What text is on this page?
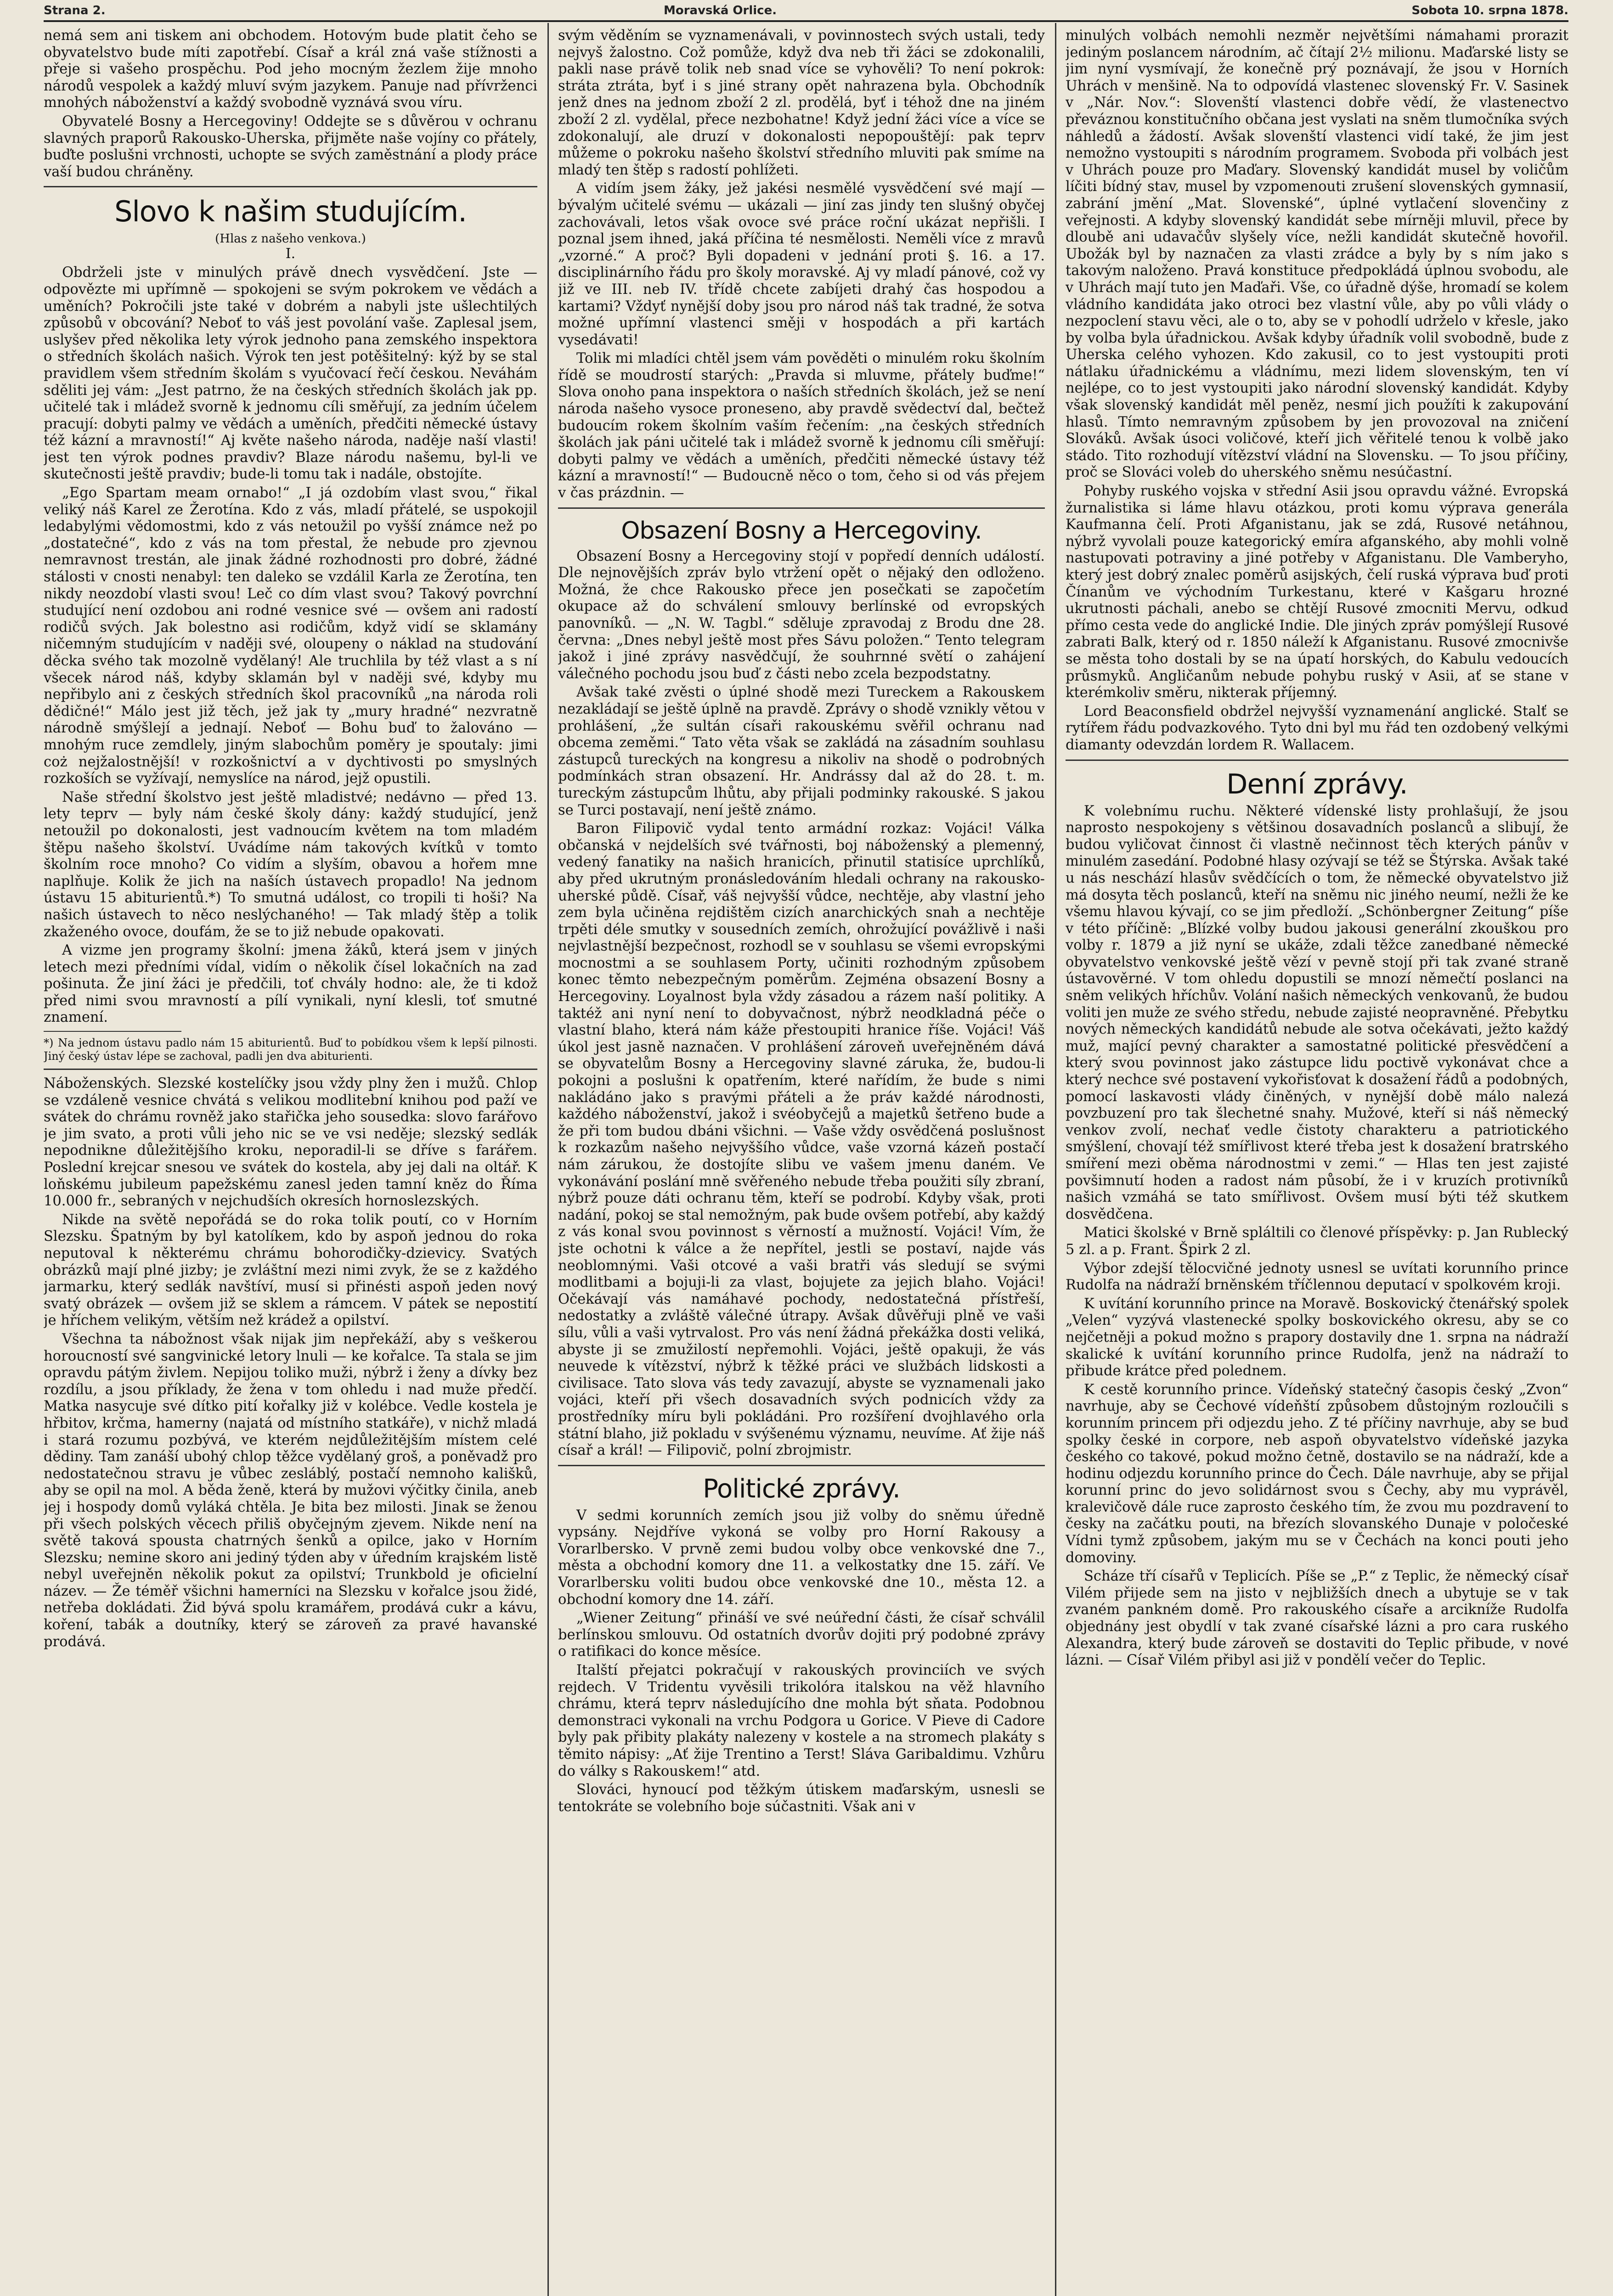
Strana 2.	Moravská Orlice.	Sobota 10. srpna 1878.

nemá sem ani tiskem ani obchodem. Hotovým bude platit čeho se obyvatelstvo bude míti zapotřebí. Císař a král zná vaše stížnosti a přeje si vašeho prospěchu. Pod jeho mocným žezlem žije mnoho národů vespolek a každý mluví svým jazykem. Panuje nad přívrženci mnohých náboženství a každý svobodně vyznává svou víru.

Obyvatelé Bosny a Hercegoviny! Oddejte se s důvěrou v ochranu slavných praporů Rakousko-Uherska, přijměte naše vojíny co přátely, buďte poslušni vrchnosti, uchopte se svých zaměstnání a plody práce vaší budou chráněny.

Slovo k našim studujícím.

(Hlas z našeho venkova.)

I.

Obdrželi jste v minulých právě dnech vysvědčení. Jste — odpovězte mi upřímně — spokojeni se svým pokrokem ve vědách a uměních? Pokročili jste také v dobrém a nabyli jste ušlechtilých způsobů v obcování? Neboť to váš jest povolání vaše. Zaplesal jsem, uslyšev před několika lety výrok jednoho pana zemského inspektora o středních školách našich. Výrok ten jest potěšitelný: kýž by se stal pravidlem všem středním školám s vyučovací řečí českou. Neváhám sděliti jej vám: „Jest patrno, že na českých středních školách jak pp. učitelé tak i mládež svorně k jednomu cíli směřují, za jedním účelem pracují: dobyti palmy ve vědách a uměních, předčiti německé ústavy též kázní a mravností!“ Aj květe našeho národa, naděje naší vlasti! jest ten výrok podnes pravdiv? Blaze národu našemu, byl-li ve skutečnosti ještě pravdiv; bude-li tomu tak i nadále, obstojíte.

„Ego Spartam meam ornabo!“ „I já ozdobím vlast svou,“ řikal veliký náš Karel ze Žerotína. Kdo z vás, mladí přátelé, se uspokojil ledabylými vědomostmi, kdo z vás netoužil po vyšší známce než po „dostatečné“, kdo z vás na tom přestal, že nebude pro zjevnou nemravnost trestán, ale jinak žádné rozhodnosti pro dobré, žádné stálosti v cnosti nenabyl: ten daleko se vzdálil Karla ze Žerotína, ten nikdy neozdobí vlasti svou! Leč co dím vlast svou? Takový povrchní studující není ozdobou ani rodné vesnice své — ovšem ani radostí rodičů svých. Jak bolestno asi rodičům, když vidí se sklamány ničemným studujícím v naději své, oloupeny o náklad na studování děcka svého tak mozolně vydělaný! Ale truchlila by též vlast a s ní všecek národ náš, kdyby sklamán byl v naději své, kdyby mu nepřibylo ani z českých středních škol pracovníků „na národa roli dědičné!“ Málo jest již těch, jež jak ty „mury hradné“ nezvratně národně smýšlejí a jednají. Neboť — Bohu buď to žalováno — mnohým ruce zemdlely, jiným slabochům poměry je spoutaly: jimi coż nejžalostnější! v rozkošnictví a v dychtivosti po smyslných rozkoších se vyžívají, nemyslíce na národ, jejž opustili.

Naše střední školstvo jest ještě mladistvé; nedávno — před 13. lety teprv — byly nám české školy dány: každý studující, jenž netoužil po dokonalosti, jest vadnoucím květem na tom mladém štěpu našeho školství. Uvádíme nám takových kvítků v tomto školním roce mnoho? Co vidím a slyším, obavou a hořem mne naplňuje. Kolik že jich na naších ústavech propadlo! Na jednom ústavu 15 abiturientů.*) To smutná událost, co tropili ti hoši? Na našich ústavech to něco neslýchaného! — Tak mladý štěp a tolik zkaženého ovoce, doufám, že se to již nebude opakovati.

A vizme jen programy školní: jmena žáků, která jsem v jiných letech mezi předními vídal, vidím o několik čísel lokačních na zad pošinuta. Že jiní žáci je předčili, toť chvály hodno: ale, že ti kdož před nimi svou mravností a pílí vynikali, nyní klesli, toť smutné znamení.

*) Na jednom ústavu padlo nám 15 abiturientů. Buď to pobídkou všem k lepší pilnosti. Jiný český ústav lépe se zachoval, padli jen dva abiturienti.

Náboženských. Slezské kostelíčky jsou vždy plny žen i mužů. Chlop se vzdáleně vesnice chvátá s velikou modlitební knihou pod paží ve svátek do chrámu rovněž jako stařička jeho sousedka: slovo farářovo je jim svato, a proti vůli jeho nic se ve vsi neděje; slezský sedlák nepodnikne důležitějšího kroku, neporadil-li se dříve s farářem. Poslední krejcar snesou ve svátek do kostela, aby jej dali na oltář. K loňskému jubileum papežskému zanesl jeden tamní kněz do Říma 10.000 fr., sebraných v nejchudších okresích hornoslezských.

Nikde na světě nepořádá se do roka tolik poutí, co v Horním Slezsku. Špatným by byl katolíkem, kdo by aspoň jednou do roka neputoval k některému chrámu bohorodičky-dzievicy. Svatých obrázků mají plné jizby; je zvláštní mezi nimi zvyk, že se z každého jarmarku, který sedlák navštíví, musí si přinésti aspoň jeden nový svatý obrázek — ovšem již se sklem a rámcem. V pátek se nepostití je hříchem velikým, větším než krádež a opilství.

Všechna ta nábožnost však nijak jim nepřekáží, aby s veškerou horoucností své sangvinické letory lnuli — ke kořalce. Ta stala se jim opravdu pátým živlem. Nepijou toliko muži, nýbrž i ženy a dívky bez rozdílu, a jsou příklady, že žena v tom ohledu i nad muže předčí. Matka nasycuje své dítko pití kořalky již v kolébce. Vedle kostela je hřbitov, krčma, hamerny (najatá od místního statkáře), v nichž mladá i stará rozumu pozbývá, ve kterém nejdůležitějším místem celé dědiny. Tam zanáší ubohý chlop těžce vydělaný groš, a poněvadž pro nedostatečnou stravu je vůbec zesláblý, postačí nemnoho kališků, aby se opil na mol. A běda ženě, která by mužovi výčitky činila, aneb jej i hospody domů vyláká chtěla. Je bita bez milosti. Jinak se ženou při všech polských věcech přiliš obyčejným zjevem. Nikde není na světě taková spousta chatrných šenků a opilce, jako v Horním Slezsku; nemine skoro ani jediný týden aby v úředním krajském listě nebyl uveřejněn několik pokut za opilství; Trunkbold je oficielní název. — Že téměř všichni hamerníci na Slezsku v kořalce jsou židé, netřeba dokládati. Žid bývá spolu kramářem, prodává cukr a kávu, koření, tabák a doutníky, který se zároveň za pravé havanské prodává.

svým věděním se vyznamenávali, v povinnostech svých ustali, tedy nejvyš žalostno. Což pomůže, když dva neb tři žáci se zdokonalili, pakli nase právě tolik neb snad více se vyhověli? To není pokrok: stráta ztráta, byť i s jiné strany opět nahrazena byla. Obchodník jenž dnes na jednom zboží 2 zl. prodělá, byť i téhož dne na jiném zboží 2 zl. vydělal, přece nezbohatne! Když jední žáci více a více se zdokonalují, ale druzí v dokonalosti nepopouštějí: pak teprv můžeme o pokroku našeho školství středního mluviti pak smíme na mladý ten štěp s radostí pohlížeti.

A vidím jsem žáky, jež jakési nesmělé vysvědčení své mají — bývalým učitelé svému — ukázali — jiní zas jindy ten slušný obyčej zachovávali, letos však ovoce své práce roční ukázat nepřišli. I poznal jsem ihned, jaká příčina té nesmělosti. Neměli více z mravů „vzorné.“ A proč? Byli dopadeni v jednání proti §. 16. a 17. disciplinárního řádu pro školy moravské. Aj vy mladí pánové, což vy již ve III. neb IV. třídě chcete zabíjeti drahý čas hospodou a kartami? Vždyť nynější doby jsou pro národ náš tak tradné, že sotva možné upřímní vlastenci směji v hospodách a při kartách vysedávati!

Tolik mi mladíci chtěl jsem vám pověděti o minulém roku školním řídě se moudrostí starých: „Pravda si mluvme, přátely buďme!“ Slova onoho pana inspektora o naších středních školách, jež se není národa našeho vysoce proneseno, aby pravdě svědectví dal, bečtež budoucím rokem školním vaším řečením: „na českých středních školách jak páni učitelé tak i mládež svorně k jednomu cíli směřují: dobyti palmy ve vědách a uměních, předčiti německé ústavy též kázní a mravností!“ — Budoucně něco o tom, čeho si od vás přejem v čas prázdnin. —

Obsazení Bosny a Hercegoviny.

Obsazení Bosny a Hercegoviny stojí v popředí denních událostí. Dle nejnovějších zpráv bylo vtržení opět o nějaký den odloženo. Možná, že chce Rakousko přece jen posečkati se započetím okupace až do schválení smlouvy berlínské od evropských panovníků. — „N. W. Tagbl.“ sděluje zpravodaj z Brodu dne 28. června: „Dnes nebyl ještě most přes Sávu položen.“ Tento telegram jakož i jiné zprávy nasvědčují, že souhrnné světí o zahájení válečného pochodu jsou buď z části nebo zcela bezpodstatny.

Avšak také zvěsti o úplné shodě mezi Tureckem a Rakouskem nezakládají se ještě úplně na pravdě. Zprávy o shodě vznikly větou v prohlášení, „že sultán císaři rakouskému svěřil ochranu nad obcema zeměmi.“ Tato věta však se zakládá na zásadním souhlasu zástupců tureckých na kongresu a nikoliv na shodě o podrobných podmínkách stran obsazení. Hr. Andrássy dal až do 28. t. m. tureckým zástupcům lhůtu, aby přijali podminky rakouské. S jakou se Turci postavají, není ještě známo.

Baron Filipovič vydal tento armádní rozkaz: Vojáci! Válka občanská v nejdelších své tvářnosti, boj náboženský a plemenný, vedený fanatiky na našich hranicích, přinutil statisíce uprchlíků, aby před ukrutným pronásledováním hledali ochrany na rakousko-uherské půdě. Císař, váš nejvyšší vůdce, nechtěje, aby vlastní jeho zem byla učiněna rejdištěm cizích anarchických snah a nechtěje trpěti déle smutky v sousedních zemích, ohrožující povážlivě i naši nejvlastnější bezpečnost, rozhodl se v souhlasu se všemi evropskými mocnostmi a se souhlasem Porty, učiniti rozhodným způsobem konec těmto nebezpečným poměrům. Zejména obsazení Bosny a Hercegoviny. Loyalnost byla vždy zásadou a rázem naší politiky. A taktéž ani nyní není to dobyvačnost, nýbrž neodkladná péče o vlastní blaho, která nám káže přestoupiti hranice říše. Vojáci! Váš úkol jest jasně naznačen. V prohlášení zároveň uveřejněném dává se obyvatelům Bosny a Hercegoviny slavné záruka, že, budou-li pokojni a poslušni k opatřením, které nařídím, že bude s nimi nakládáno jako s pravými přáteli a že práv každé národnosti, každého náboženství, jakož i svéobyčejů a majetků šetřeno bude a že při tom budou dbáni všichni. — Vaše vždy osvědčená poslušnost k rozkazům našeho nejvyššího vůdce, vaše vzorná kázeň postačí nám zárukou, že dostojíte slibu ve vašem jmenu daném. Ve vykonávání poslání mně svěřeného nebude třeba použiti síly zbraní, nýbrž pouze dáti ochranu těm, kteří se podrobí. Kdyby však, proti nadání, pokoj se stal nemožným, pak bude ovšem potřebí, aby každý z vás konal svou povinnost s věrností a mužností. Vojáci! Vím, že jste ochotni k válce a že nepřítel, jestli se postaví, najde vás neoblomnými. Vaši otcové a vaši bratři vás sledují se svými modlitbami a bojuji-li za vlast, bojujete za jejich blaho. Vojáci! Očekávají vás namáhavé pochody, nedostatečná přístřeší, nedostatky a zvláště válečné útrapy. Avšak důvěřuji plně ve vaši sílu, vůli a vaši vytrvalost. Pro vás není žádná překážka dosti veliká, abyste ji se zmužilostí nepřemohli. Vojáci, ještě opakuji, že vás neuvede k vítězství, nýbrž k těžké práci ve službách lidskosti a civilisace. Tato slova vás tedy zavazují, abyste se vyznamenali jako vojáci, kteří při všech dosavadních svých podnicích vždy za prostředníky míru byli pokládáni. Pro rozšíření dvojhlavého orla státní blaho, již pokladu v svýšenému významu, neuvíme. Ať žije náš císař a král! — Filipovič, polní zbrojmistr.

Politické zprávy.

V sedmi korunních zemích jsou již volby do sněmu úředně vypsány. Nejdříve vykoná se volby pro Horní Rakousy a Vorarlbersko. V prvně zemi budou volby obce venkovské dne 7., města a obchodní komory dne 11. a velkostatky dne 15. září. Ve Vorarlbersku voliti budou obce venkovské dne 10., města 12. a obchodní komory dne 14. září.

„Wiener Zeitung“ přináší ve své neúřední části, že císař schválil berlínskou smlouvu. Od ostatních dvorův dojiti prý podobné zprávy o ratifikaci do konce měsíce.

Italští přejatci pokračují v rakouských provinciích ve svých rejdech. V Tridentu vyvěsili trikolóra italskou na věž hlavního chrámu, která teprv následujícího dne mohla být sňata. Podobnou demonstraci vykonali na vrchu Podgora u Gorice. V Pieve di Cadore byly pak přibity plakáty nalezeny v kostele a na stromech plakáty s těmito nápisy: „Ať žije Trentino a Terst! Sláva Garibaldimu. Vzhůru do války s Rakouskem!“ atd.

Slováci, hynoucí pod těžkým útiskem maďarským, usnesli se tentokráte se volebního boje súčastniti. Však ani v

minulých volbách nemohli nezměr největšími námahami prorazit jediným poslancem národním, ač čítají 2½ milionu. Maďarské listy se jim nyní vysmívají, že konečně prý poznávají, že jsou v Horních Uhrách v menšině. Na to odpovídá vlastenec slovenský Fr. V. Sasinek v „Nár. Nov.“: Slovenští vlastenci dobře vědí, že vlastenectvo převáznou konstitučního občana jest vyslati na sněm tlumočníka svých náhledů a žádostí. Avšak slovenští vlastenci vidí také, že jim jest nemožno vystoupiti s národním programem. Svoboda při volbách jest v Uhrách pouze pro Maďary. Slovenský kandidát musel by voličům líčiti bídný stav, musel by vzpomenouti zrušení slovenských gymnasií, zabrání jmění „Mat. Slovenské“, úplné vytlačení slovenčiny z veřejnosti. A kdyby slovenský kandidát sebe mírněji mluvil, přece by dloubě ani udavačův slyšely více, nežli kandidát skutečně hovořil. Ubožák byl by naznačen za vlasti zrádce a byly by s ním jako s takovým naloženo. Pravá konstituce předpokládá úplnou svobodu, ale v Uhrách mají tuto jen Maďaři. Vše, co úřadně dýše, hromadí se kolem vládního kandidáta jako otroci bez vlastní vůle, aby po vůli vlády o nezpoclení stavu věci, ale o to, aby se v pohodlí udrželo v křesle, jako by volba byla úřadnickou. Avšak kdyby úřadník volil svobodně, bude z Uherska celého vyhozen. Kdo zakusil, co to jest vystoupiti proti nátlaku úřadnickému a vládnímu, mezi lidem slovenským, ten ví nejlépe, co to jest vystoupiti jako národní slovenský kandidát. Kdyby však slovenský kandidát měl peněz, nesmí jich použíti k zakupování hlasů. Tímto nemravným způsobem by jen provozoval na zničení Slováků. Avšak úsoci voličové, kteří jich věřitelé tenou k volbě jako stádo. Tito rozhodují vítězství vládní na Slovensku. — To jsou příčiny, proč se Slováci voleb do uherského sněmu nesúčastní.

Pohyby ruského vojska v střední Asii jsou opravdu vážné. Evropská žurnalistika si láme hlavu otázkou, proti komu výprava generála Kaufmanna čelí. Proti Afganistanu, jak se zdá, Rusové netáhnou, nýbrž vyvolali pouze kategorický emíra afganského, aby mohli volně nastupovati potraviny a jiné potřeby v Afganistanu. Dle Vamberyho, který jest dobrý znalec poměrů asijských, čelí ruská výprava buď proti Čínanům ve východním Turkestanu, které v Kašgaru hrozné ukrutnosti páchali, anebo se chtějí Rusové zmocniti Mervu, odkud přímo cesta vede do anglické Indie. Dle jiných zpráv pomýšlejí Rusové zabrati Balk, který od r. 1850 náleží k Afganistanu. Rusové zmocnivše se města toho dostali by se na úpatí horských, do Kabulu vedoucích průsmyků. Angličanům nebude pohybu ruský v Asii, ať se stane v kterémkoliv směru, nikterak příjemný.

Lord Beaconsfield obdržel nejvyšší vyznamenání anglické. Stalť se rytířem řádu podvazkového. Tyto dni byl mu řád ten ozdobený velkými diamanty odevzdán lordem R. Wallacem.

Denní zprávy.

K volebnímu ruchu. Některé vídenské listy prohlašují, že jsou naprosto nespokojeny s většinou dosavadních poslanců a slibují, že budou vyličovat činnost či vlastně nečinnost těch kterých pánův v minulém zasedání. Podobné hlasy ozývají se též se Štýrska. Avšak také u nás neschází hlasův svědčících o tom, že německé obyvatelstvo již má dosyta těch poslanců, kteří na sněmu nic jiného neumí, nežli že ke všemu hlavou kývají, co se jim předloží. „Schönbergner Zeitung“ píše v této příčině: „Blízké volby budou jakousi generální zkouškou pro volby r. 1879 a již nyní se ukáže, zdali těžce zanedbané německé obyvatelstvo venkovské ještě vězí v pevně stojí při tak zvané straně ústavověrné. V tom ohledu dopustili se mnozí němečtí poslanci na sněm velikých hříchův. Volání našich německých venkovanů, že budou voliti jen muže ze svého středu, nebude zajisté neopravněné. Přebytku nových německých kandidátů nebude ale sotva očekávati, ježto každý muž, mající pevný charakter a samostatné politické přesvědčení a který svou povinnost jako zástupce lidu poctivě vykonávat chce a který nechce své postavení vykořisťovat k dosažení řádů a podobných, pomocí laskavosti vlády činěných, v nynější době málo nalezá povzbuzení pro tak šlechetné snahy. Mužové, kteří si náš německý venkov zvolí, nechať vedle čistoty charakteru a patriotického smýšlení, chovají též smířlivost které třeba jest k dosažení bratrského smíření mezi oběma národnostmi v zemi.“ — Hlas ten jest zajisté povšimnutí hoden a radost nám působí, že i v kruzích protivníků našich vzmáhá se tato smířlivost. Ovšem musí býti též skutkem dosvědčena.

Matici školské v Brně spláltili co členové příspěvky: p. Jan Rublecký 5 zl. a p. Frant. Špirk 2 zl.

Výbor zdejší tělocvičné jednoty usnesl se uvítati korunního prince Rudolfa na nádraží brněnském tříčlennou deputací v spolkovém kroji.

K uvítání korunního prince na Moravě. Boskovický čtenářský spolek „Velen“ vyzývá vlastenecké spolky boskovického okresu, aby se co nejčetněji a pokud možno s prapory dostavily dne 1. srpna na nádraží skalické k uvítání korunního prince Rudolfa, jenž na nádraží to přibude krátce před polednem.

K cestě korunního prince. Vídeňský statečný časopis český „Zvon“ navrhuje, aby se Čechové vídeňští způsobem důstojným rozloučili s korunním princem při odjezdu jeho. Z té příčiny navrhuje, aby se buď spolky české in corpore, neb aspoň obyvatelstvo vídeňské jazyka českého co takové, pokud možno četně, dostavilo se na nádraží, kde a hodinu odjezdu korunního prince do Čech. Dále navrhuje, aby se přijal korunní princ do jevo solidárnost svou s Čechy, aby mu vyprávěl, kralevičově dále ruce zaprosto českého tím, že zvou mu pozdravení to česky na začátku pouti, na březích slovanského Dunaje v poločeské Vídni tymž způsobem, jakým mu se v Čechách na konci pouti jeho domoviny.

Scháze tří císařů v Teplicích. Píše se „P.“ z Teplic, že německý císař Vilém přijede sem na jisto v nejbližších dnech a ubytuje se v tak zvaném pankném domě. Pro rakouského císaře a arcikníže Rudolfa objednány jest obydlí v tak zvané císařské lázni a pro cara ruského Alexandra, který bude zároveň se dostaviti do Teplic přibude, v nové lázni. — Císař Vilém přibyl asi již v pondělí večer do Teplic.
